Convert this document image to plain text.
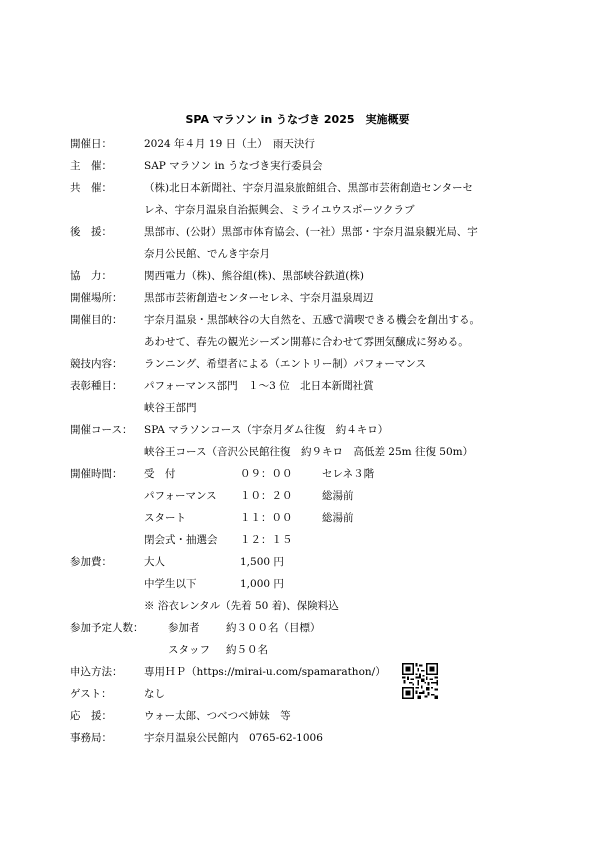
SPA マラソン in うなづき 2025　実施概要
開催日：	2024 年４月 19 日（土）　雨天決行
主　催：	SAP マラソン in うなづき実行委員会
共　催：	（株)北日本新聞社、宇奈月温泉旅館組合、黒部市芸術創造センターセ
レネ、宇奈月温泉自治振興会、ミライユウスポーツクラブ
後　援：	黒部市、(公財）黒部市体育協会、(一社）黒部・宇奈月温泉観光局、宇
奈月公民館、でんき宇奈月
協　力：	関西電力（株)、熊谷組(株)、黒部峡谷鉄道(株)
開催場所： 黒部市芸術創造センターセレネ、宇奈月温泉周辺
開催目的： 宇奈月温泉・黒部峡谷の大自然を、五感で満喫できる機会を創出する。
あわせて、春先の観光シーズン開幕に合わせて雰囲気醸成に努める。
競技内容： ランニング、希望者による（エントリー制）パフォーマンス
表彰種目： パフォーマンス部門　１～3 位　北日本新聞社賞
峡谷王部門
開催コース： SPA マラソンコース（宇奈月ダム往復　約４キロ）
峡谷王コース（音沢公民館往復　約９キロ　高低差 25m 往復 50m）
開催時間： 受　付	０９：００	セレネ３階
パフォーマンス １０：２０	総湯前
スタート	１１：００	総湯前
閉会式・抽選会 １２：１５
参加費：	大人	1,500 円
中学生以下	1,000 円
※ 浴衣レンタル（先着 50 着)、保険料込
参加予定人数： 参加者	約３００名（目標）
スタッフ 約５０名
申込方法： 専用ＨＰ（https://mirai-u.com/spamarathon/）
ゲスト：	なし
応　援：	ウォー太郎、つべつべ姉妹　等
事務局：	宇奈月温泉公民館内　0765-62-1006
